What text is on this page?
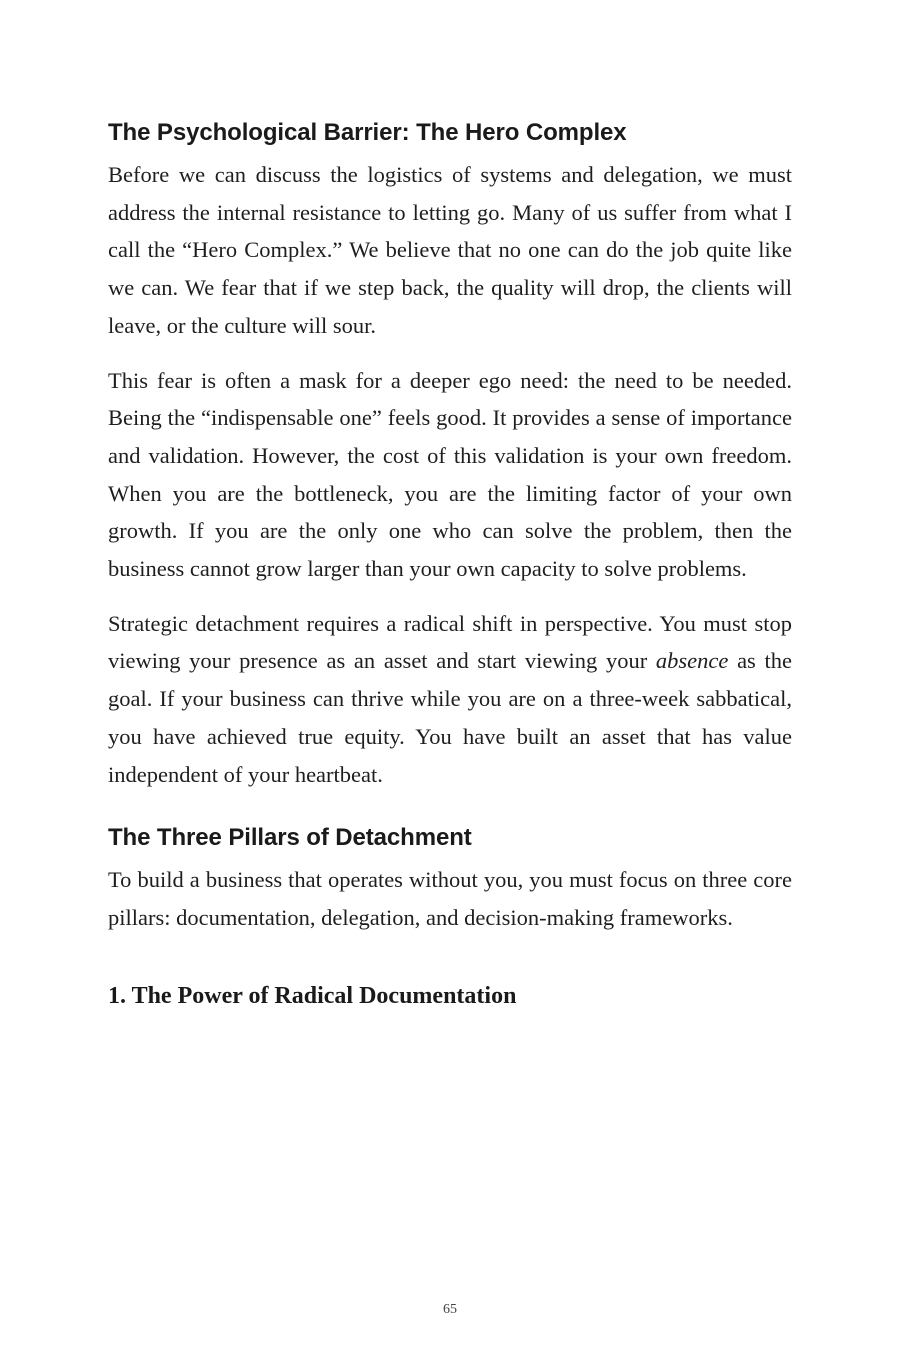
The Psychological Barrier: The Hero Complex

Before we can discuss the logistics of systems and delegation, we must address the internal resistance to letting go. Many of us suffer from what I call the “Hero Complex.” We believe that no one can do the job quite like we can. We fear that if we step back, the quality will drop, the clients will leave, or the culture will sour.

This fear is often a mask for a deeper ego need: the need to be needed. Being the “indispensable one” feels good. It provides a sense of importance and validation. However, the cost of this validation is your own freedom. When you are the bottleneck, you are the limiting factor of your own growth. If you are the only one who can solve the problem, then the business cannot grow larger than your own capacity to solve problems.

Strategic detachment requires a radical shift in perspective. You must stop viewing your presence as an asset and start viewing your absence as the goal. If your business can thrive while you are on a three-week sabbatical, you have achieved true equity. You have built an asset that has value independent of your heartbeat.

The Three Pillars of Detachment

To build a business that operates without you, you must focus on three core pillars: documentation, delegation, and decision-making frameworks.

1. The Power of Radical Documentation
65
